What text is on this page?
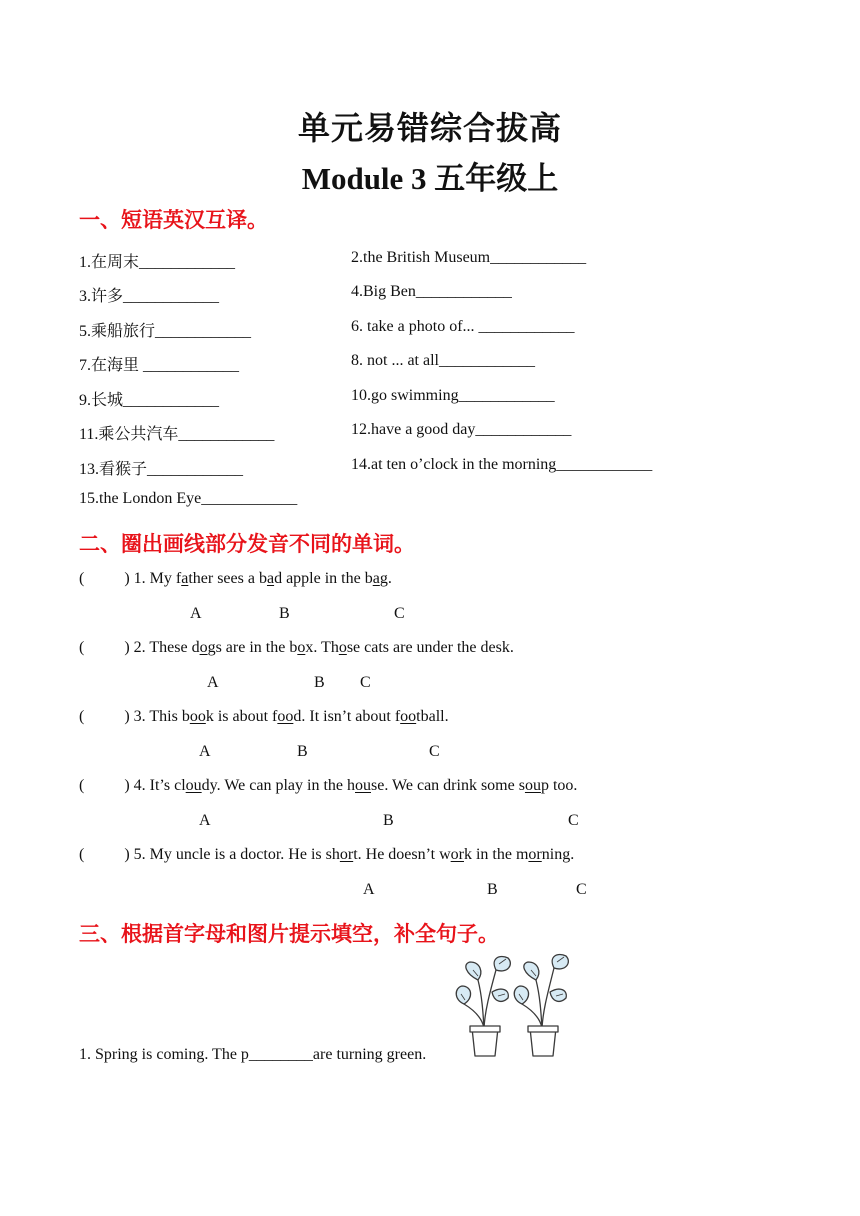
单元易错综合拔高
Module 3 五年级上
一、短语英汉互译。
1.在周末____________	2.the British Museum____________
3.许多____________	4.Big Ben____________
5.乘船旅行____________	6. take a photo of... ____________
7.在海里 ____________	8. not ... at all____________
9.长城____________	10.go swimming____________
11.乘公共汽车____________	12.have a good day____________
13.看猴子____________	14.at ten o’clock in the morning____________
15.the London Eye____________
二、圈出画线部分发音不同的单词。
(          ) 1. My father sees a bad apple in the bag.
A	B	C
(          ) 2. These dogs are in the box. Those cats are under the desk.
A	B C
(          ) 3. This book is about food. It isn’t about football.
A	B	C
(          ) 4. It’s cloudy. We can play in the house. We can drink some soup too.
A	B	C
(          ) 5. My uncle is a doctor. He is short. He doesn’t work in the morning.
A	B	C
三、根据首字母和图片提示填空，补全句子。
1. Spring is coming. The p________are turning green.
